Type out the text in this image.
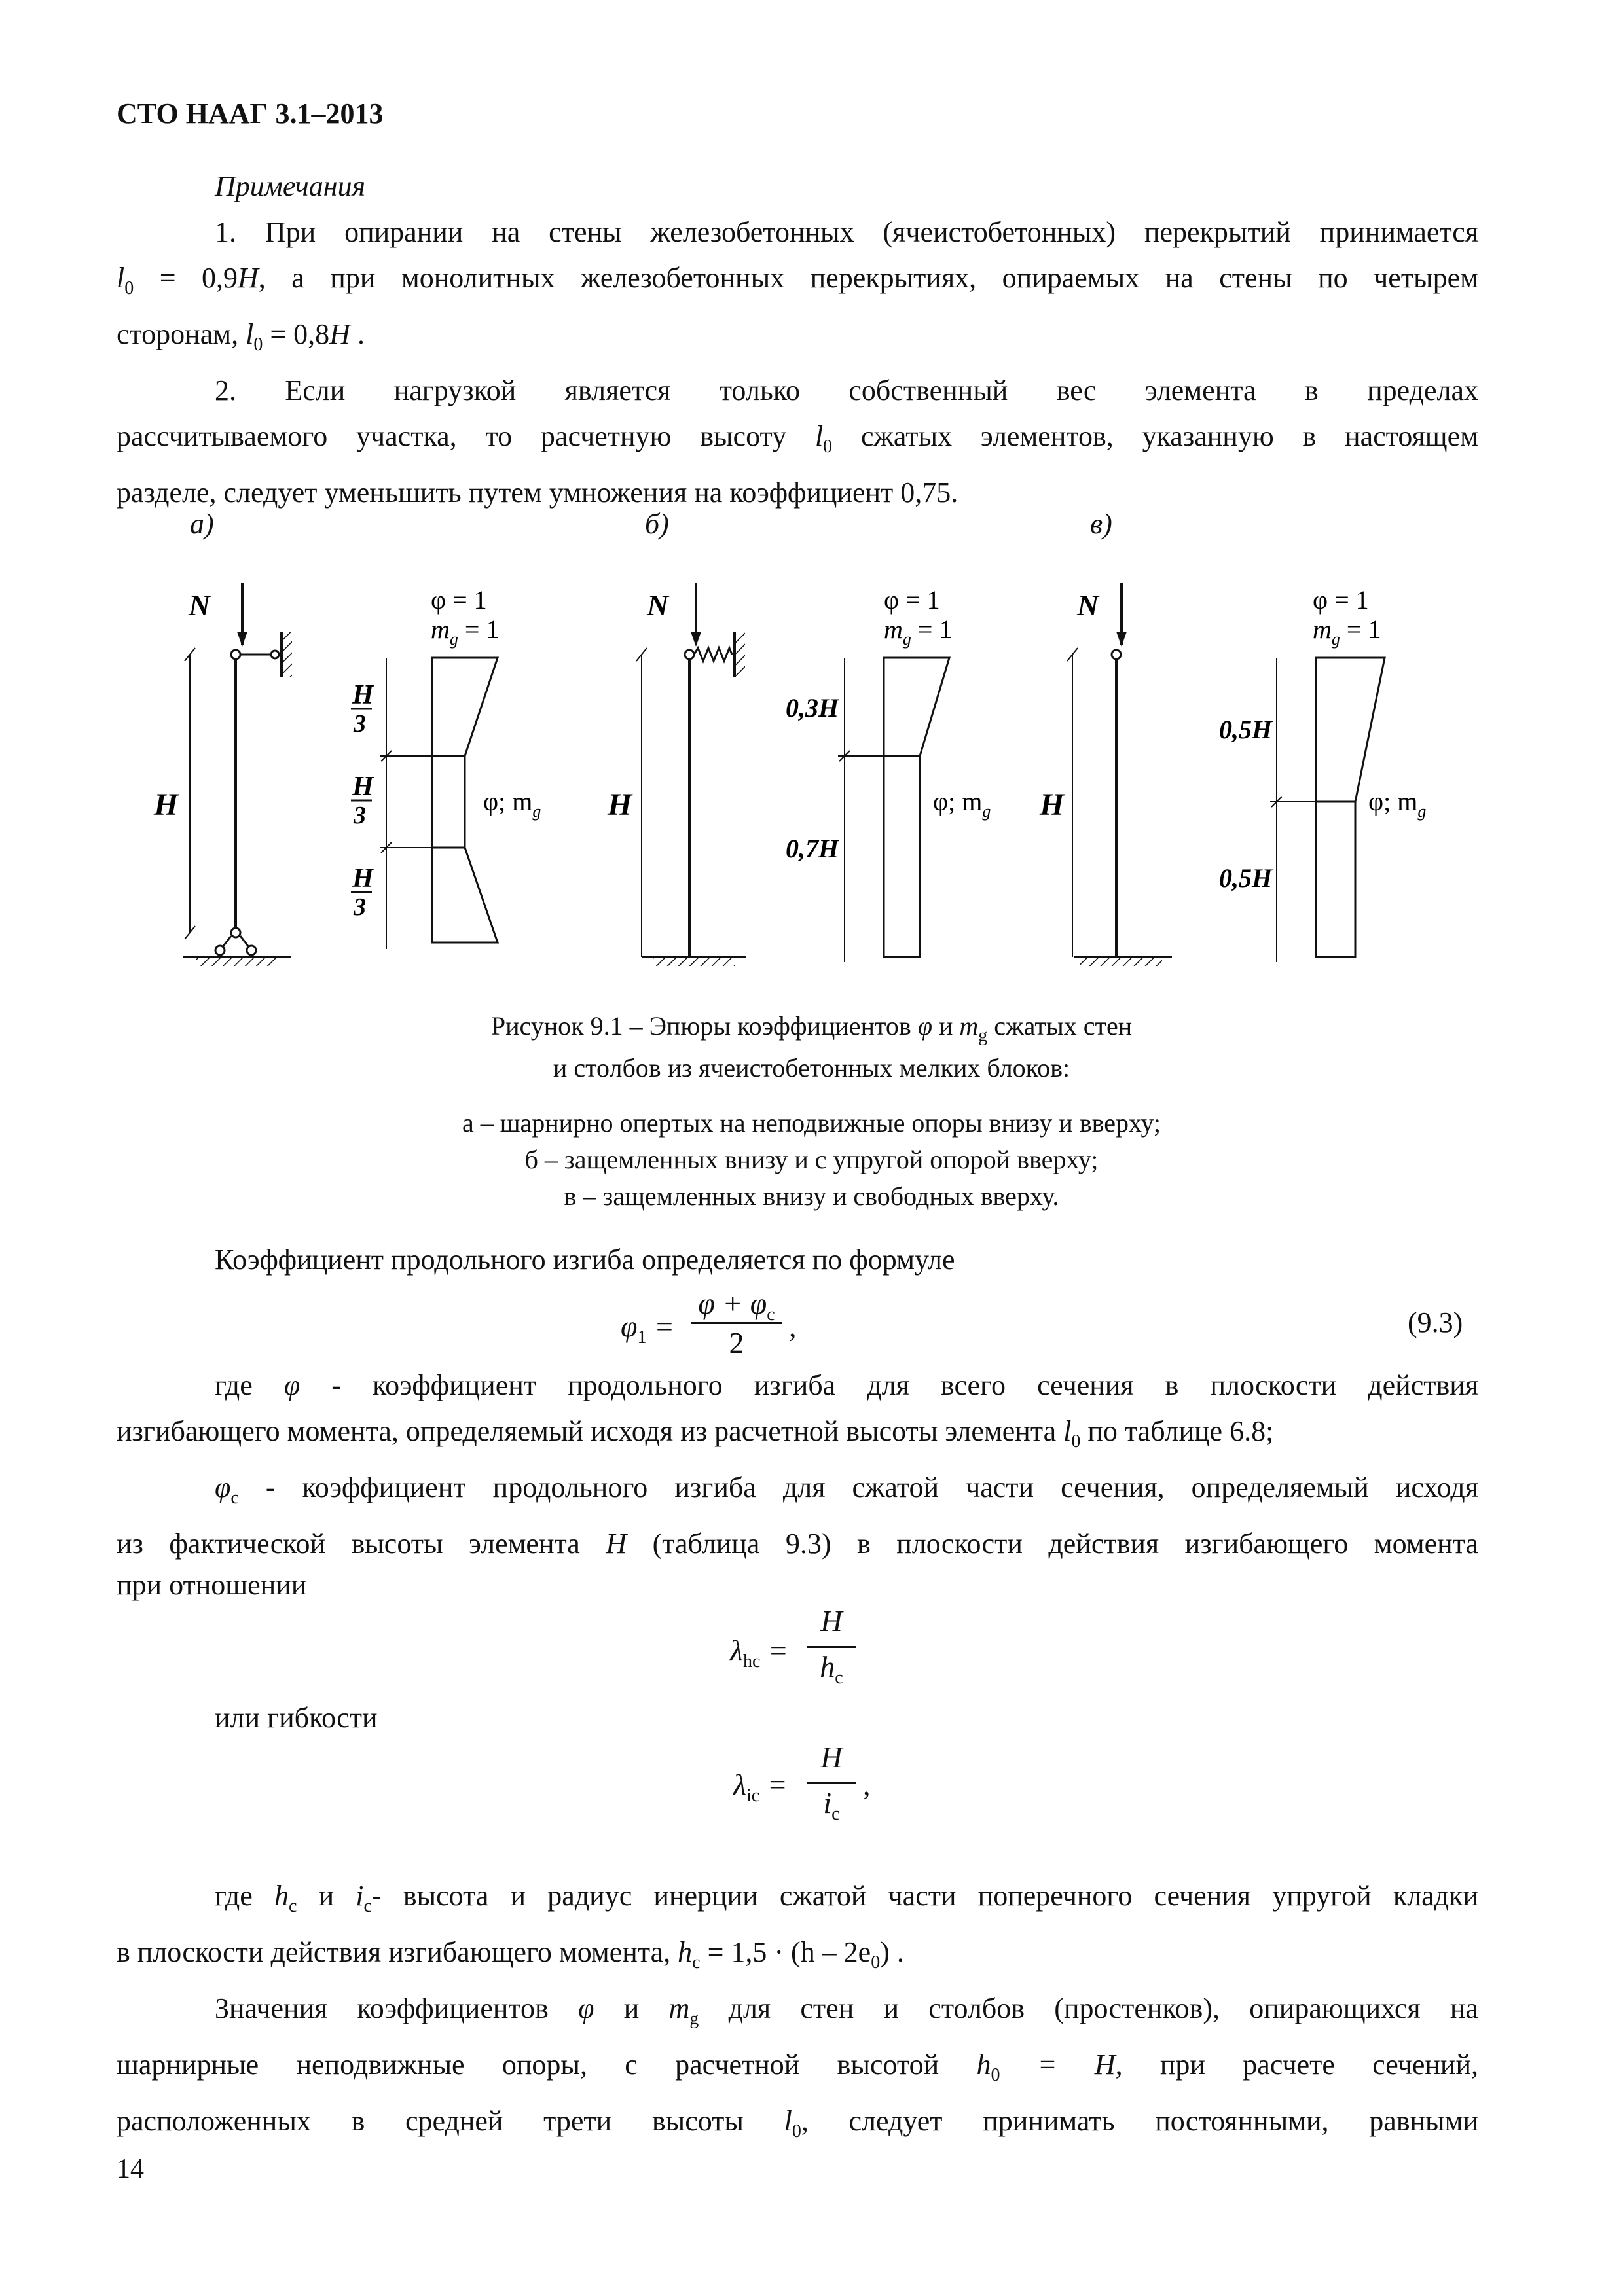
СТО НААГ 3.1–2013
Примечания
1. При опирании на стены железобетонных (ячеистобетонных) перекрытий принимается
$l_0 = 0,9H$, а при монолитных железобетонных перекрытиях, опираемых на стены по четырем
сторонам, $l_0 = 0,8H$ .
2. Если нагрузкой является только собственный вес элемента в пределах
рассчитываемого участка, то расчетную высоту $l_0$ сжатых элементов, указанную в настоящем
разделе, следует уменьшить путем умножения на коэффициент 0,75.
а)	б)	в)
N
H
φ = 1
$m_g = 1$
H
3
H
3
H
3
φ; $m_g$
N
H
φ = 1
$m_g = 1$
0,3H
0,7H
φ; $m_g$
N
H
φ = 1
$m_g = 1$
0,5H
0,5H
φ; $m_g$
Рисунок 9.1 – Эпюры коэффициентов φ и $m_g$ сжатых стен
и столбов из ячеистобетонных мелких блоков:
а – шарнирно опертых на неподвижные опоры внизу и вверху;
б – защемленных внизу и с упругой опорой вверху;
в – защемленных внизу и свободных вверху.
Коэффициент продольного изгиба определяется по формуле
$\varphi_1$ =
$\varphi + \varphi_c$
2	,	(9.3)
где φ - коэффициент продольного изгиба для всего сечения в плоскости действия
изгибающего момента, определяемый исходя из расчетной высоты элемента $l_0$ по таблице 6.8;
$\varphi_c$ - коэффициент продольного изгиба для сжатой части сечения, определяемый исходя
из фактической высоты элемента H (таблица 9.3) в плоскости действия изгибающего момента
при отношении
$\lambda_{hc}$ =
H
$h_c$
или гибкости
$\lambda_{ic}$ =
H
$i_c$
,
где $h_c$ и $i_c-$ высота и радиус инерции сжатой части поперечного сечения упругой кладки
в плоскости действия изгибающего момента, $h_c = 1,5 \cdot (h - 2e_0)$ .
Значения коэффициентов φ и $m_g$ для стен и столбов (простенков), опирающихся на
шарнирные неподвижные опоры, с расчетной высотой $h_0 = H$, при расчете сечений,
расположенных в средней трети высоты $l_0$, следует принимать постоянными, равными
14
